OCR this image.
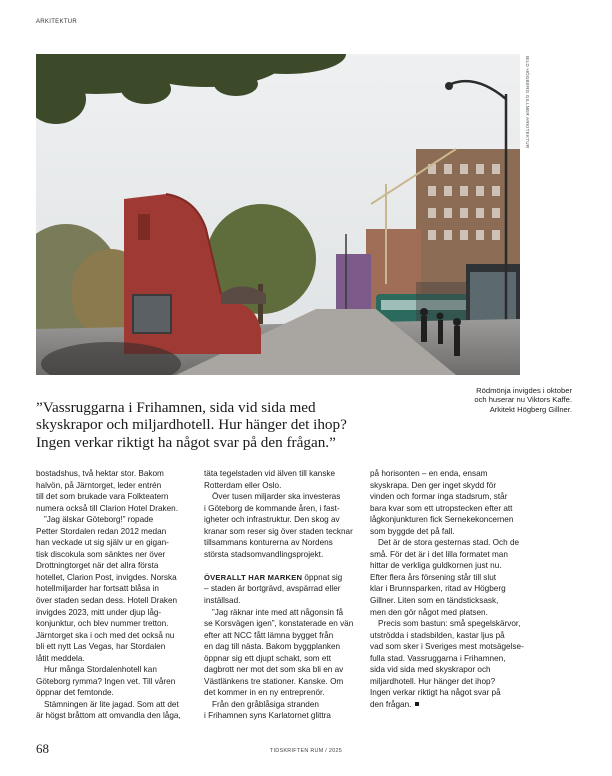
ARKITEKTUR
BILD HÖGBERG GILLNER ARKITEKTUR
Rödmönja invigdes i oktober
och huserar nu Viktors Kaffe.
Arkitekt Högberg Gillner.
”Vassruggarna i Frihamnen, sida vid sida med
skyskrapor och miljardhotell. Hur hänger det ihop?
Ingen verkar riktigt ha något svar på den frågan.”
bostadshus, två hektar stor. Bakom
halvön, på Järntorget, leder entrén
till det som brukade vara Folkteatern
numera också till Clarion Hotel Draken.
”Jag älskar Göteborg!” ropade
Petter Stordalen redan 2012 medan
han veckade ut sig själv ur en gigan-
tisk discokula som sänktes ner över
Drottningtorget när det allra första
hotellet, Clarion Post, invigdes. Norska
hotellmiljarder har fortsatt blåsa in
över staden sedan dess. Hotell Draken
invigdes 2023, mitt under djup låg-
konjunktur, och blev nummer tretton.
Järntorget ska i och med det också nu
bli ett nytt Las Vegas, har Stordalen
låtit meddela.
Hur många Stordalenhotell kan
Göteborg rymma? Ingen vet. Till våren
öppnar det femtonde.
Stämningen är lite jagad. Som att det
är högst bråttom att omvandla den låga,
täta tegelstaden vid älven till kanske
Rotterdam eller Oslo.
Över tusen miljarder ska investeras
i Göteborg de kommande åren, i fast-
igheter och infrastruktur. Den skog av
kranar som reser sig över staden tecknar
tillsammans konturerna av Nordens
största stadsomvandlingsprojekt.
ÖVERALLT HAR MARKEN öppnat sig
– staden är bortgrävd, avspärrad eller
inställsad.
”Jag räknar inte med att någonsin få
se Korsvägen igen”, konstaterade en vän
efter att NCC fått lämna bygget från
en dag till nästa. Bakom byggplanken
öppnar sig ett djupt schakt, som ett
dagbrott ner mot det som ska bli en av
Västlänkens tre stationer. Kanske. Om
det kommer in en ny entreprenör.
Från den gråblåsiga stranden
i Frihamnen syns Karlatornet glittra
på horisonten – en enda, ensam
skyskrapa. Den ger inget skydd för
vinden och formar inga stadsrum, står
bara kvar som ett utropstecken efter att
lågkonjunkturen fick Sernekekoncernen
som byggde det på fall.
Det är de stora gesternas stad. Och de
små. För det är i det lilla formatet man
hittar de verkliga guldkornen just nu.
Efter flera års försening står till slut
klar i Brunnsparken, ritad av Högberg
Gillner. Liten som en tändsticksask,
men den gör något med platsen.
Precis som bastun: små spegelskärvor,
utströdda i stadsbilden, kastar ljus på
vad som sker i Sveriges mest motsägelse-
fulla stad. Vassruggarna i Frihamnen,
sida vid sida med skyskrapor och
miljardhotell. Hur hänger det ihop?
Ingen verkar riktigt ha något svar på
den frågan.
68	TIDSKRIFTEN RUM / 2025
